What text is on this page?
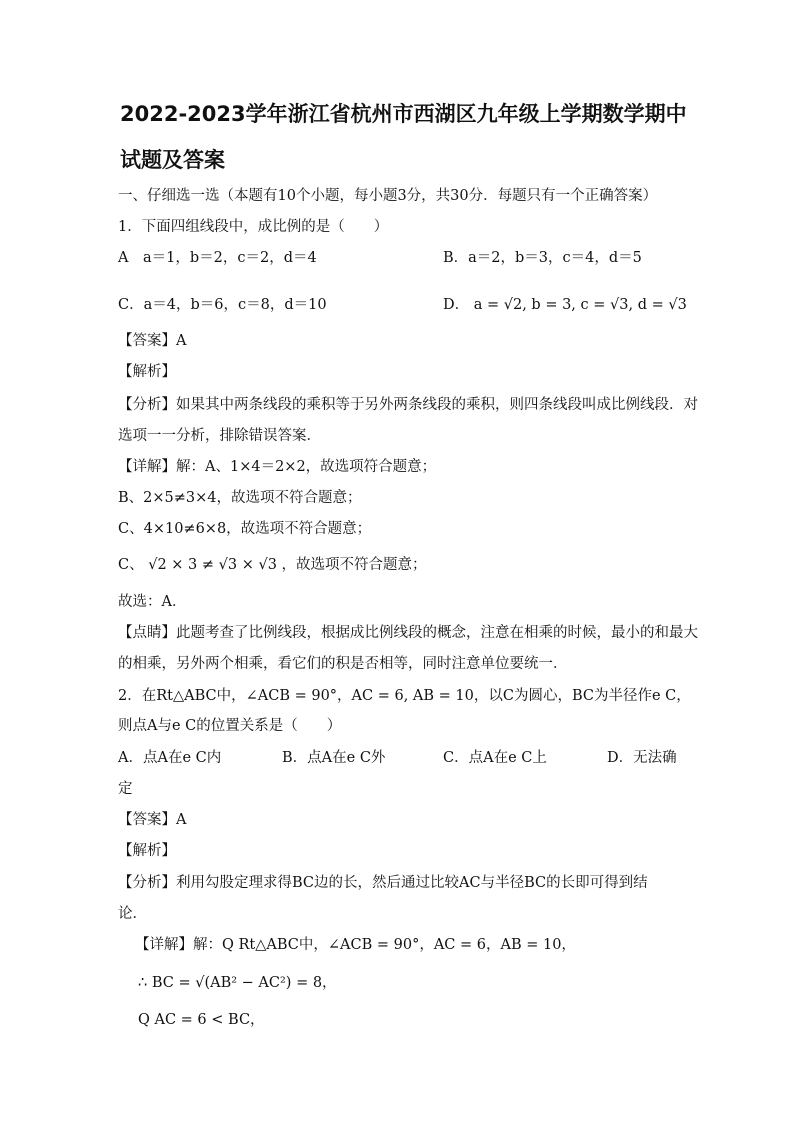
2022-2023学年浙江省杭州市西湖区九年级上学期数学期中
试题及答案
一、仔细选一选（本题有10个小题，每小题3分，共30分．每题只有一个正确答案）
1．下面四组线段中，成比例的是（　　）
A　a＝1，b＝2，c＝2，d＝4	B．a＝2，b＝3，c＝4，d＝5
C．a＝4，b＝6，c＝8，d＝10	D． a = √2, b = 3, c = √3, d = √3
【答案】A
【解析】
【分析】如果其中两条线段的乘积等于另外两条线段的乘积，则四条线段叫成比例线段．对
选项一一分析，排除错误答案．
【详解】解：A、1×4＝2×2，故选项符合题意；
B、2×5≠3×4，故选项不符合题意；
C、4×10≠6×8，故选项不符合题意；
C、 √2 × 3 ≠ √3 × √3 ，故选项不符合题意；
故选：A．
【点睛】此题考查了比例线段，根据成比例线段的概念，注意在相乘的时候，最小的和最大
的相乘，另外两个相乘，看它们的积是否相等，同时注意单位要统一．
2．在Rt△ABC中，∠ACB = 90°，AC = 6, AB = 10，以C为圆心，BC为半径作e C，
则点A与e C的位置关系是（　　）
A．点A在e C内	B．点A在e C外	C．点A在e C上	D．无法确
定
【答案】A
【解析】
【分析】利用勾股定理求得BC边的长，然后通过比较AC与半径BC的长即可得到结
论．
【详解】解：Q Rt△ABC中，∠ACB = 90°，AC = 6，AB = 10，
∴ BC = √(AB² − AC²) = 8，
Q AC = 6 < BC，
